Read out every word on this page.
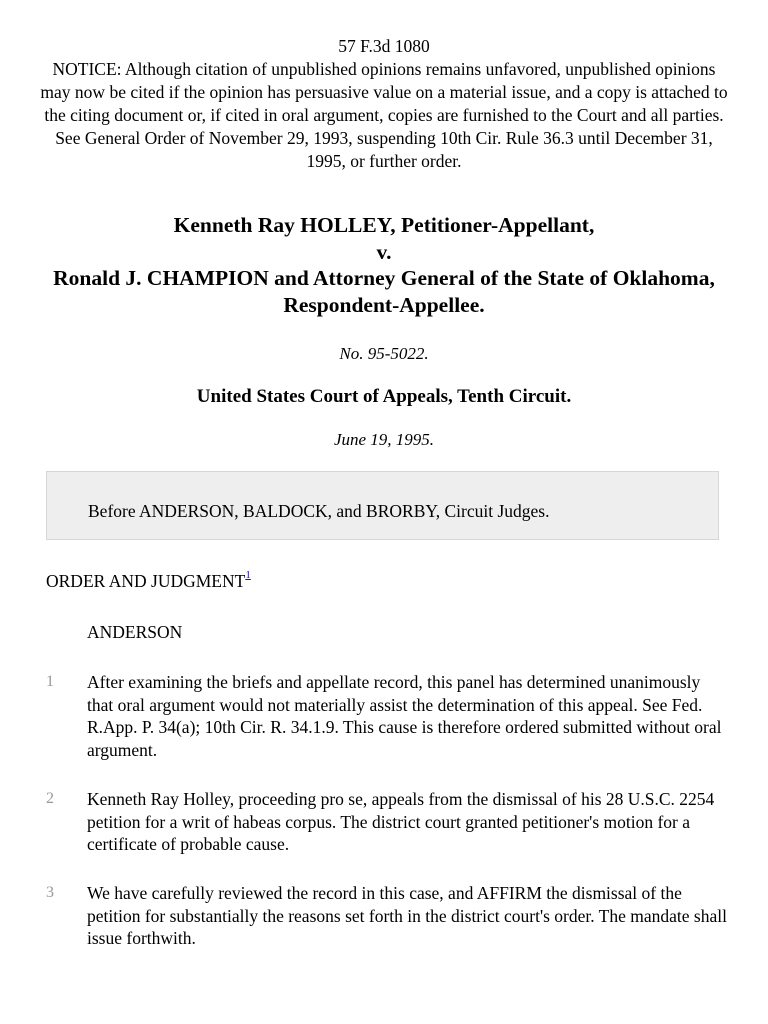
57 F.3d 1080
NOTICE: Although citation of unpublished opinions remains unfavored, unpublished opinions may now be cited if the opinion has persuasive value on a material issue, and a copy is attached to the citing document or, if cited in oral argument, copies are furnished to the Court and all parties. See General Order of November 29, 1993, suspending 10th Cir. Rule 36.3 until December 31, 1995, or further order.
Kenneth Ray HOLLEY, Petitioner-Appellant,
v.
Ronald J. CHAMPION and Attorney General of the State of Oklahoma, Respondent-Appellee.
No. 95-5022.
United States Court of Appeals, Tenth Circuit.
June 19, 1995.
Before ANDERSON, BALDOCK, and BRORBY, Circuit Judges.
ORDER AND JUDGMENT$^1$
ANDERSON
1 After examining the briefs and appellate record, this panel has determined unanimously that oral argument would not materially assist the determination of this appeal. See Fed. R.App. P. 34(a); 10th Cir. R. 34.1.9. This cause is therefore ordered submitted without oral argument.
2 Kenneth Ray Holley, proceeding pro se, appeals from the dismissal of his 28 U.S.C. 2254 petition for a writ of habeas corpus. The district court granted petitioner's motion for a certificate of probable cause.
3 We have carefully reviewed the record in this case, and AFFIRM the dismissal of the petition for substantially the reasons set forth in the district court's order. The mandate shall issue forthwith.
